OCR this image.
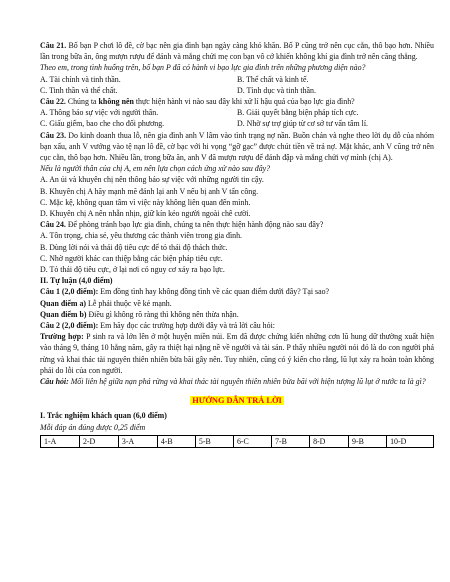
Câu 21. Bố bạn P chơi lô đề, cờ bạc nên gia đình bạn ngày càng khó khăn. Bố P cũng trở nên cục cằn, thô bạo hơn. Nhiều lần trong bữa ăn, ông mượn rượu để đánh và mắng chửi mẹ con bạn vô cớ khiến không khí gia đình trở nên căng thẳng.

Theo em, trong tình huống trên, bố bạn P đã có hành vi bạo lực gia đình trên những phương diện nào?

A. Tài chính và tinh thần.	B. Thể chất và kinh tế.

C. Tinh thần và thể chất.	D. Tình dục và tinh thần.

Câu 22. Chúng ta không nên thực hiện hành vi nào sau đây khi xử lí hậu quả của bạo lực gia đình?

A. Thông báo sự việc với người thân.	B. Giải quyết bằng biện pháp tích cực.

C. Giấu giếm, bao che cho đối phương.	D. Nhờ sự trợ giúp từ cơ sở tư vấn tâm lí.

Câu 23. Do kinh doanh thua lỗ, nên gia đình anh V lâm vào tình trạng nợ nần. Buồn chán và nghe theo lời dụ dỗ của nhóm bạn xấu, anh V vướng vào tệ nạn lô đề, cờ bạc với hi vọng “gỡ gạc” được chút tiền về trả nợ. Mặt khác, anh V cũng trở nên cục cằn, thô bạo hơn. Nhiều lần, trong bữa ăn, anh V đã mượn rượu để đánh đập và mắng chửi vợ mình (chị A).

Nếu là người thân của chị A, em nên lựa chọn cách ứng xử nào sau đây?

A. An ủi và khuyên chị nên thông báo sự việc với những người tin cậy.

B. Khuyên chị A hãy mạnh mẽ đánh lại anh V nếu bị anh V tấn công.

C. Mặc kệ, không quan tâm vì việc này không liên quan đến mình.

D. Khuyên chị A nên nhẫn nhịn, giữ kín kẻo người ngoài chê cười.

Câu 24. Để phòng tránh bạo lực gia đình, chúng ta nên thực hiện hành động nào sau đây?

A. Tôn trọng, chia sẻ, yêu thương các thành viên trong gia đình.

B. Dùng lời nói và thái độ tiêu cực để tỏ thái độ thách thức.

C. Nhờ người khác can thiệp bằng các biện pháp tiêu cực.

D. Tỏ thái độ tiêu cực, ở lại nơi có nguy cơ xảy ra bạo lực.

II. Tự luận (4,0 điểm)

Câu 1 (2,0 điểm): Em đồng tình hay không đồng tình về các quan điểm dưới đây? Tại sao?

Quan điểm a) Lễ phải thuộc về kẻ mạnh.

Quan điểm b) Điều gì không rõ ràng thì không nên thừa nhận.

Câu 2 (2,0 điểm): Em hãy đọc các trường hợp dưới đây và trả lời câu hỏi:

Trường hợp: P sinh ra và lớn lên ở một huyện miền núi. Em đã được chứng kiến những cơn lũ hung dữ thường xuất hiện vào tháng 9, tháng 10 hằng năm, gây ra thiệt hại nặng nề về người và tài sản. P thấy nhiều người nói đó là do con người phá rừng và khai thác tài nguyên thiên nhiên bừa bãi gây nên. Tuy nhiên, cũng có ý kiến cho rằng, lũ lụt xảy ra hoàn toàn không phải do lỗi của con người.

Câu hỏi: Mối liên hệ giữa nạn phá rừng và khai thác tài nguyên thiên nhiên bừa bãi với hiện tượng lũ lụt ở nước ta là gì?

HƯỚNG DẪN TRẢ LỜI

I. Trắc nghiệm khách quan (6,0 điểm)

Mỗi đáp án đúng được 0,25 điểm

1-A	2-D	3-A	4-B	5-B	6-C	7-B	8-D	9-B	10-D
